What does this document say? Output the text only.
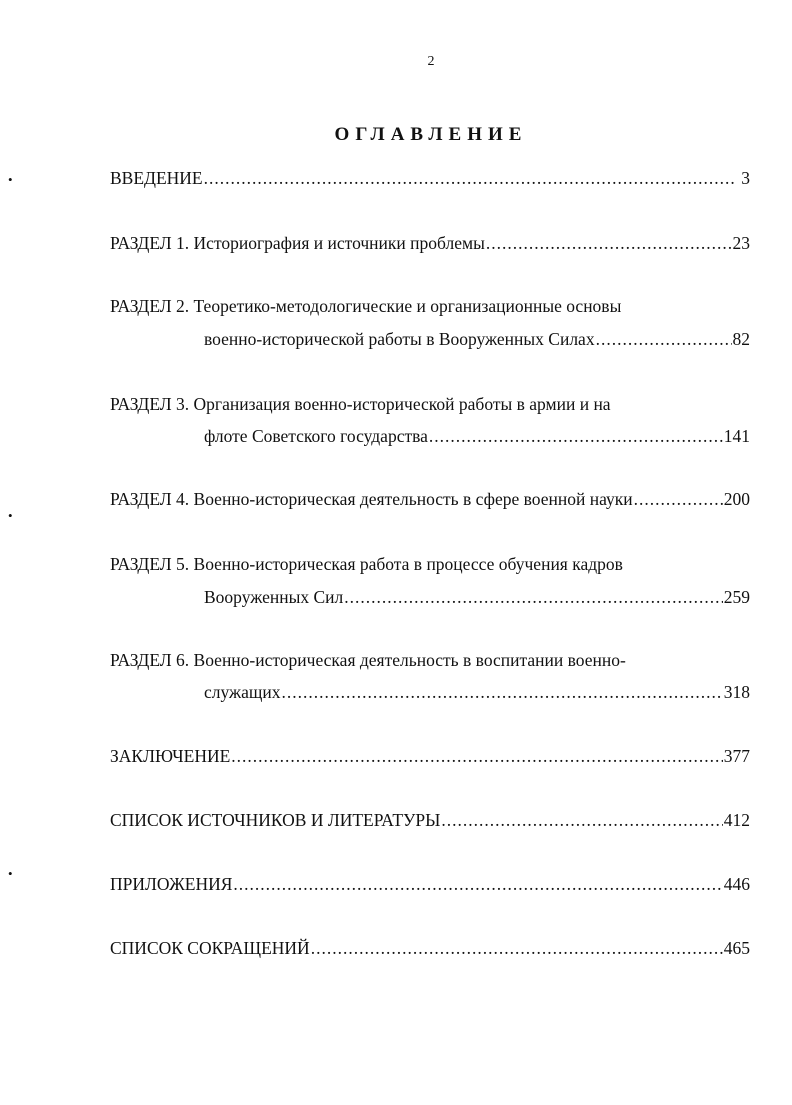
2
ОГЛАВЛЕНИЕ
•
•
•
ВВЕДЕНИЕ .....	3
РАЗДЕЛ 1. Историография и источники проблемы .....	23
РАЗДЕЛ 2. Теоретико-методологические и организационные основы
военно-исторической работы в Вооруженных Силах .....	82
РАЗДЕЛ 3. Организация военно-исторической работы в армии и на
флоте Советского государства .....	141
РАЗДЕЛ 4. Военно-историческая деятельность в сфере военной науки .....	200
РАЗДЕЛ 5. Военно-историческая работа в процессе обучения кадров
Вооруженных Сил .....	259
РАЗДЕЛ 6. Военно-историческая деятельность в воспитании военно-
служащих .....	318
ЗАКЛЮЧЕНИЕ .....	377
СПИСОК ИСТОЧНИКОВ И ЛИТЕРАТУРЫ .....	412
ПРИЛОЖЕНИЯ .....	446
СПИСОК СОКРАЩЕНИЙ .....	465
